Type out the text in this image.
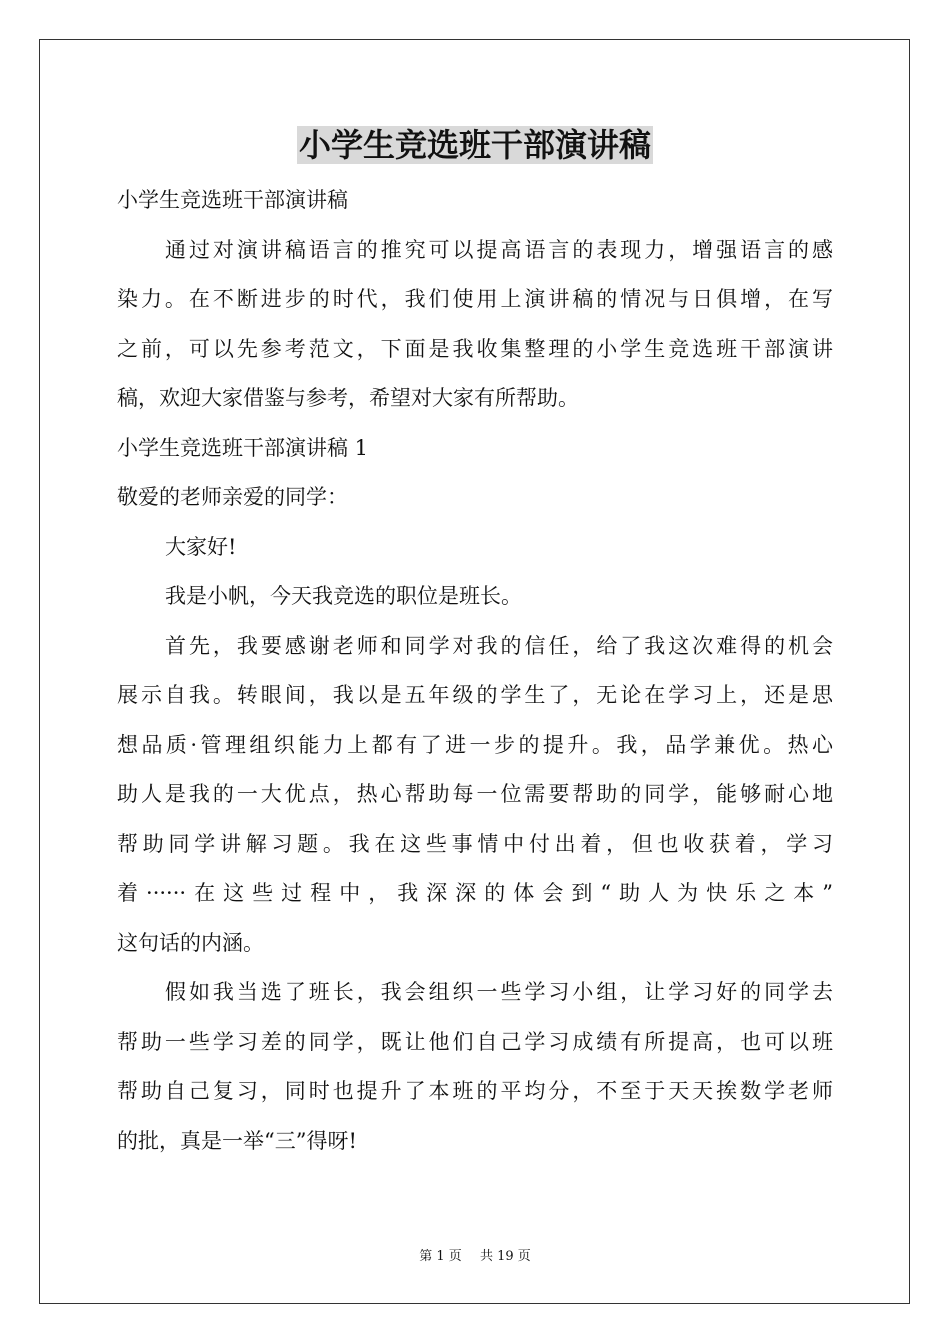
小学生竞选班干部演讲稿
小学生竞选班干部演讲稿
通过对演讲稿语言的推究可以提高语言的表现力，增强语言的感
染力。在不断进步的时代，我们使用上演讲稿的情况与日俱增，在写
之前，可以先参考范文，下面是我收集整理的小学生竞选班干部演讲
稿，欢迎大家借鉴与参考，希望对大家有所帮助。
小学生竞选班干部演讲稿 1
敬爱的老师亲爱的同学：
大家好!
我是小帆，今天我竞选的职位是班长。
首先，我要感谢老师和同学对我的信任，给了我这次难得的机会
展示自我。转眼间，我以是五年级的学生了，无论在学习上，还是思
想品质·管理组织能力上都有了进一步的提升。我，品学兼优。热心
助人是我的一大优点，热心帮助每一位需要帮助的同学，能够耐心地
帮助同学讲解习题。我在这些事情中付出着，但也收获着，学习
着······在这些过程中，我深深的体会到“助人为快乐之本”
这句话的内涵。
假如我当选了班长，我会组织一些学习小组，让学习好的同学去
帮助一些学习差的同学，既让他们自己学习成绩有所提高，也可以班
帮助自己复习，同时也提升了本班的平均分，不至于天天挨数学老师
的批，真是一举“三”得呀!
第 1 页 共 19 页
